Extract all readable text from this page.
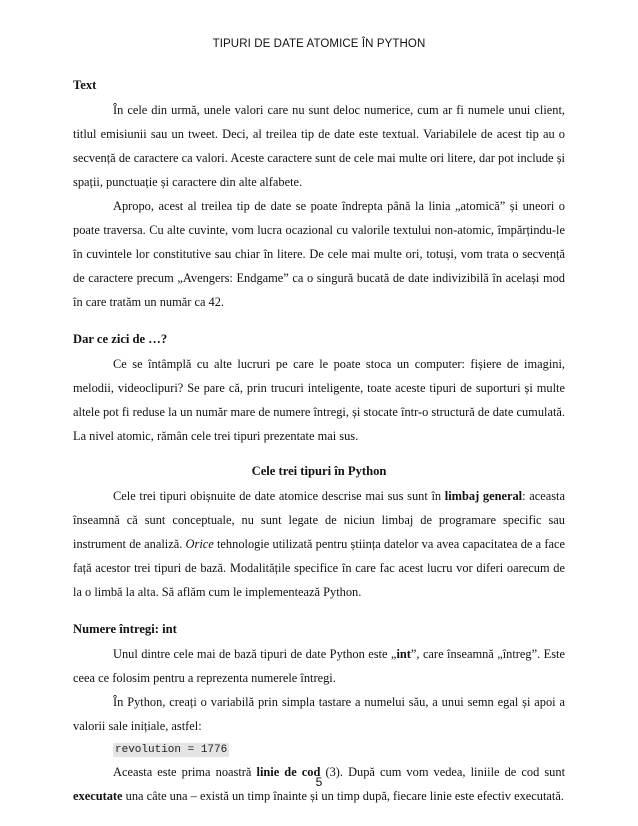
TIPURI DE DATE ATOMICE ÎN PYTHON
Text

În cele din urmă, unele valori care nu sunt deloc numerice, cum ar fi numele unui client, titlul emisiunii sau un tweet. Deci, al treilea tip de date este textual. Variabilele de acest tip au o secvență de caractere ca valori. Aceste caractere sunt de cele mai multe ori litere, dar pot include și spații, punctuație și caractere din alte alfabete.

Apropo, acest al treilea tip de date se poate îndrepta până la linia „atomică” și uneori o poate traversa. Cu alte cuvinte, vom lucra ocazional cu valorile textului non-atomic, împărțindu-le în cuvintele lor constitutive sau chiar în litere. De cele mai multe ori, totuși, vom trata o secvență de caractere precum „Avengers: Endgame” ca o singură bucată de date indivizibilă în același mod în care tratăm un număr ca 42.

Dar ce zici de …?

Ce se întâmplă cu alte lucruri pe care le poate stoca un computer: fișiere de imagini, melodii, videoclipuri? Se pare că, prin trucuri inteligente, toate aceste tipuri de suporturi și multe altele pot fi reduse la un număr mare de numere întregi, și stocate într-o structură de date cumulată. La nivel atomic, rămân cele trei tipuri prezentate mai sus.

Cele trei tipuri în Python

Cele trei tipuri obișnuite de date atomice descrise mai sus sunt în limbaj general: aceasta înseamnă că sunt conceptuale, nu sunt legate de niciun limbaj de programare specific sau instrument de analiză. Orice tehnologie utilizată pentru știința datelor va avea capacitatea de a face față acestor trei tipuri de bază. Modalitățile specifice în care fac acest lucru vor diferi oarecum de la o limbă la alta. Să aflăm cum le implementează Python.

Numere întregi: int

Unul dintre cele mai de bază tipuri de date Python este „int”, care înseamnă „întreg”. Este ceea ce folosim pentru a reprezenta numerele întregi.

În Python, creați o variabilă prin simpla tastare a numelui său, a unui semn egal și apoi a valorii sale inițiale, astfel:

revolution = 1776

Aceasta este prima noastră linie de cod (3). După cum vom vedea, liniile de cod sunt executate una câte una – există un timp înainte și un timp după, fiecare linie este efectiv executată.

5
